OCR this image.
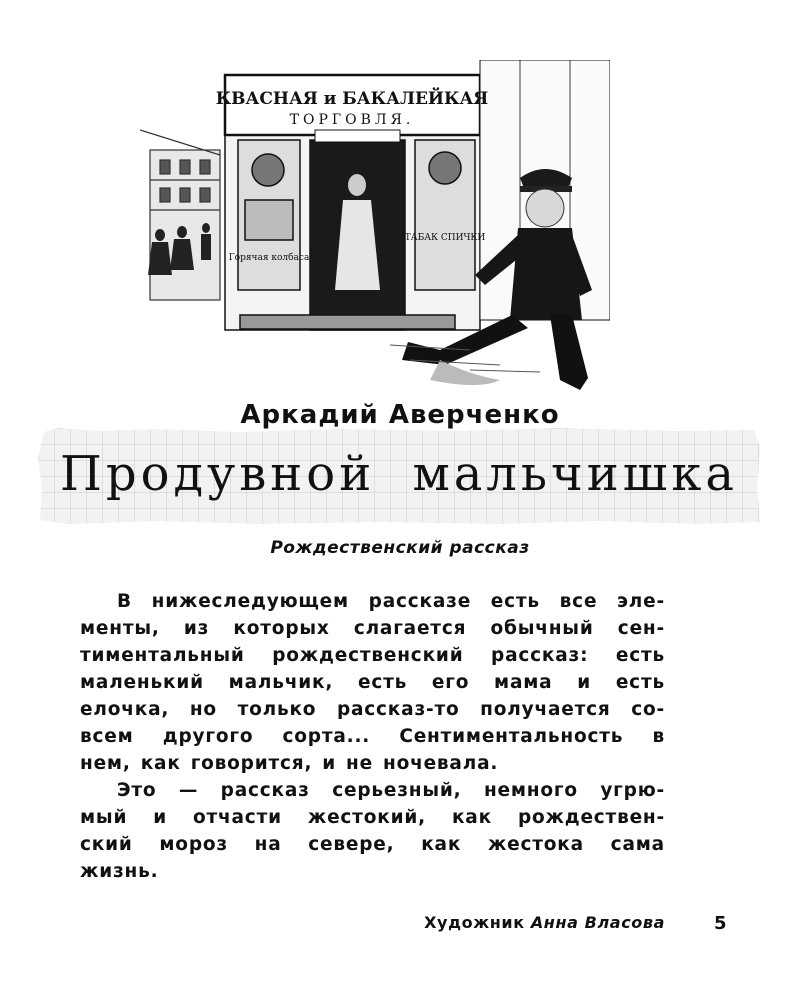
КВАСНАЯ и БАКАЛЕЙКАЯ
ТОРГОВЛЯ.
Горячая колбаса
ТАБАК СПИЧКИ
Аркадий Аверченко
Продувной мальчишка
Рождественский рассказ
В нижеследующем рассказе есть все эле-
менты, из которых слагается обычный сен-
тиментальный рождественский рассказ: есть
маленький мальчик, есть его мама и есть
елочка, но только рассказ-то получается со-
всем другого сорта... Сентиментальность в
нем, как говорится, и не ночевала.
Это — рассказ серьезный, немного угрю-
мый и отчасти жестокий, как рождествен-
ский мороз на севере, как жестока сама
жизнь.
Художник Анна Власова	5
